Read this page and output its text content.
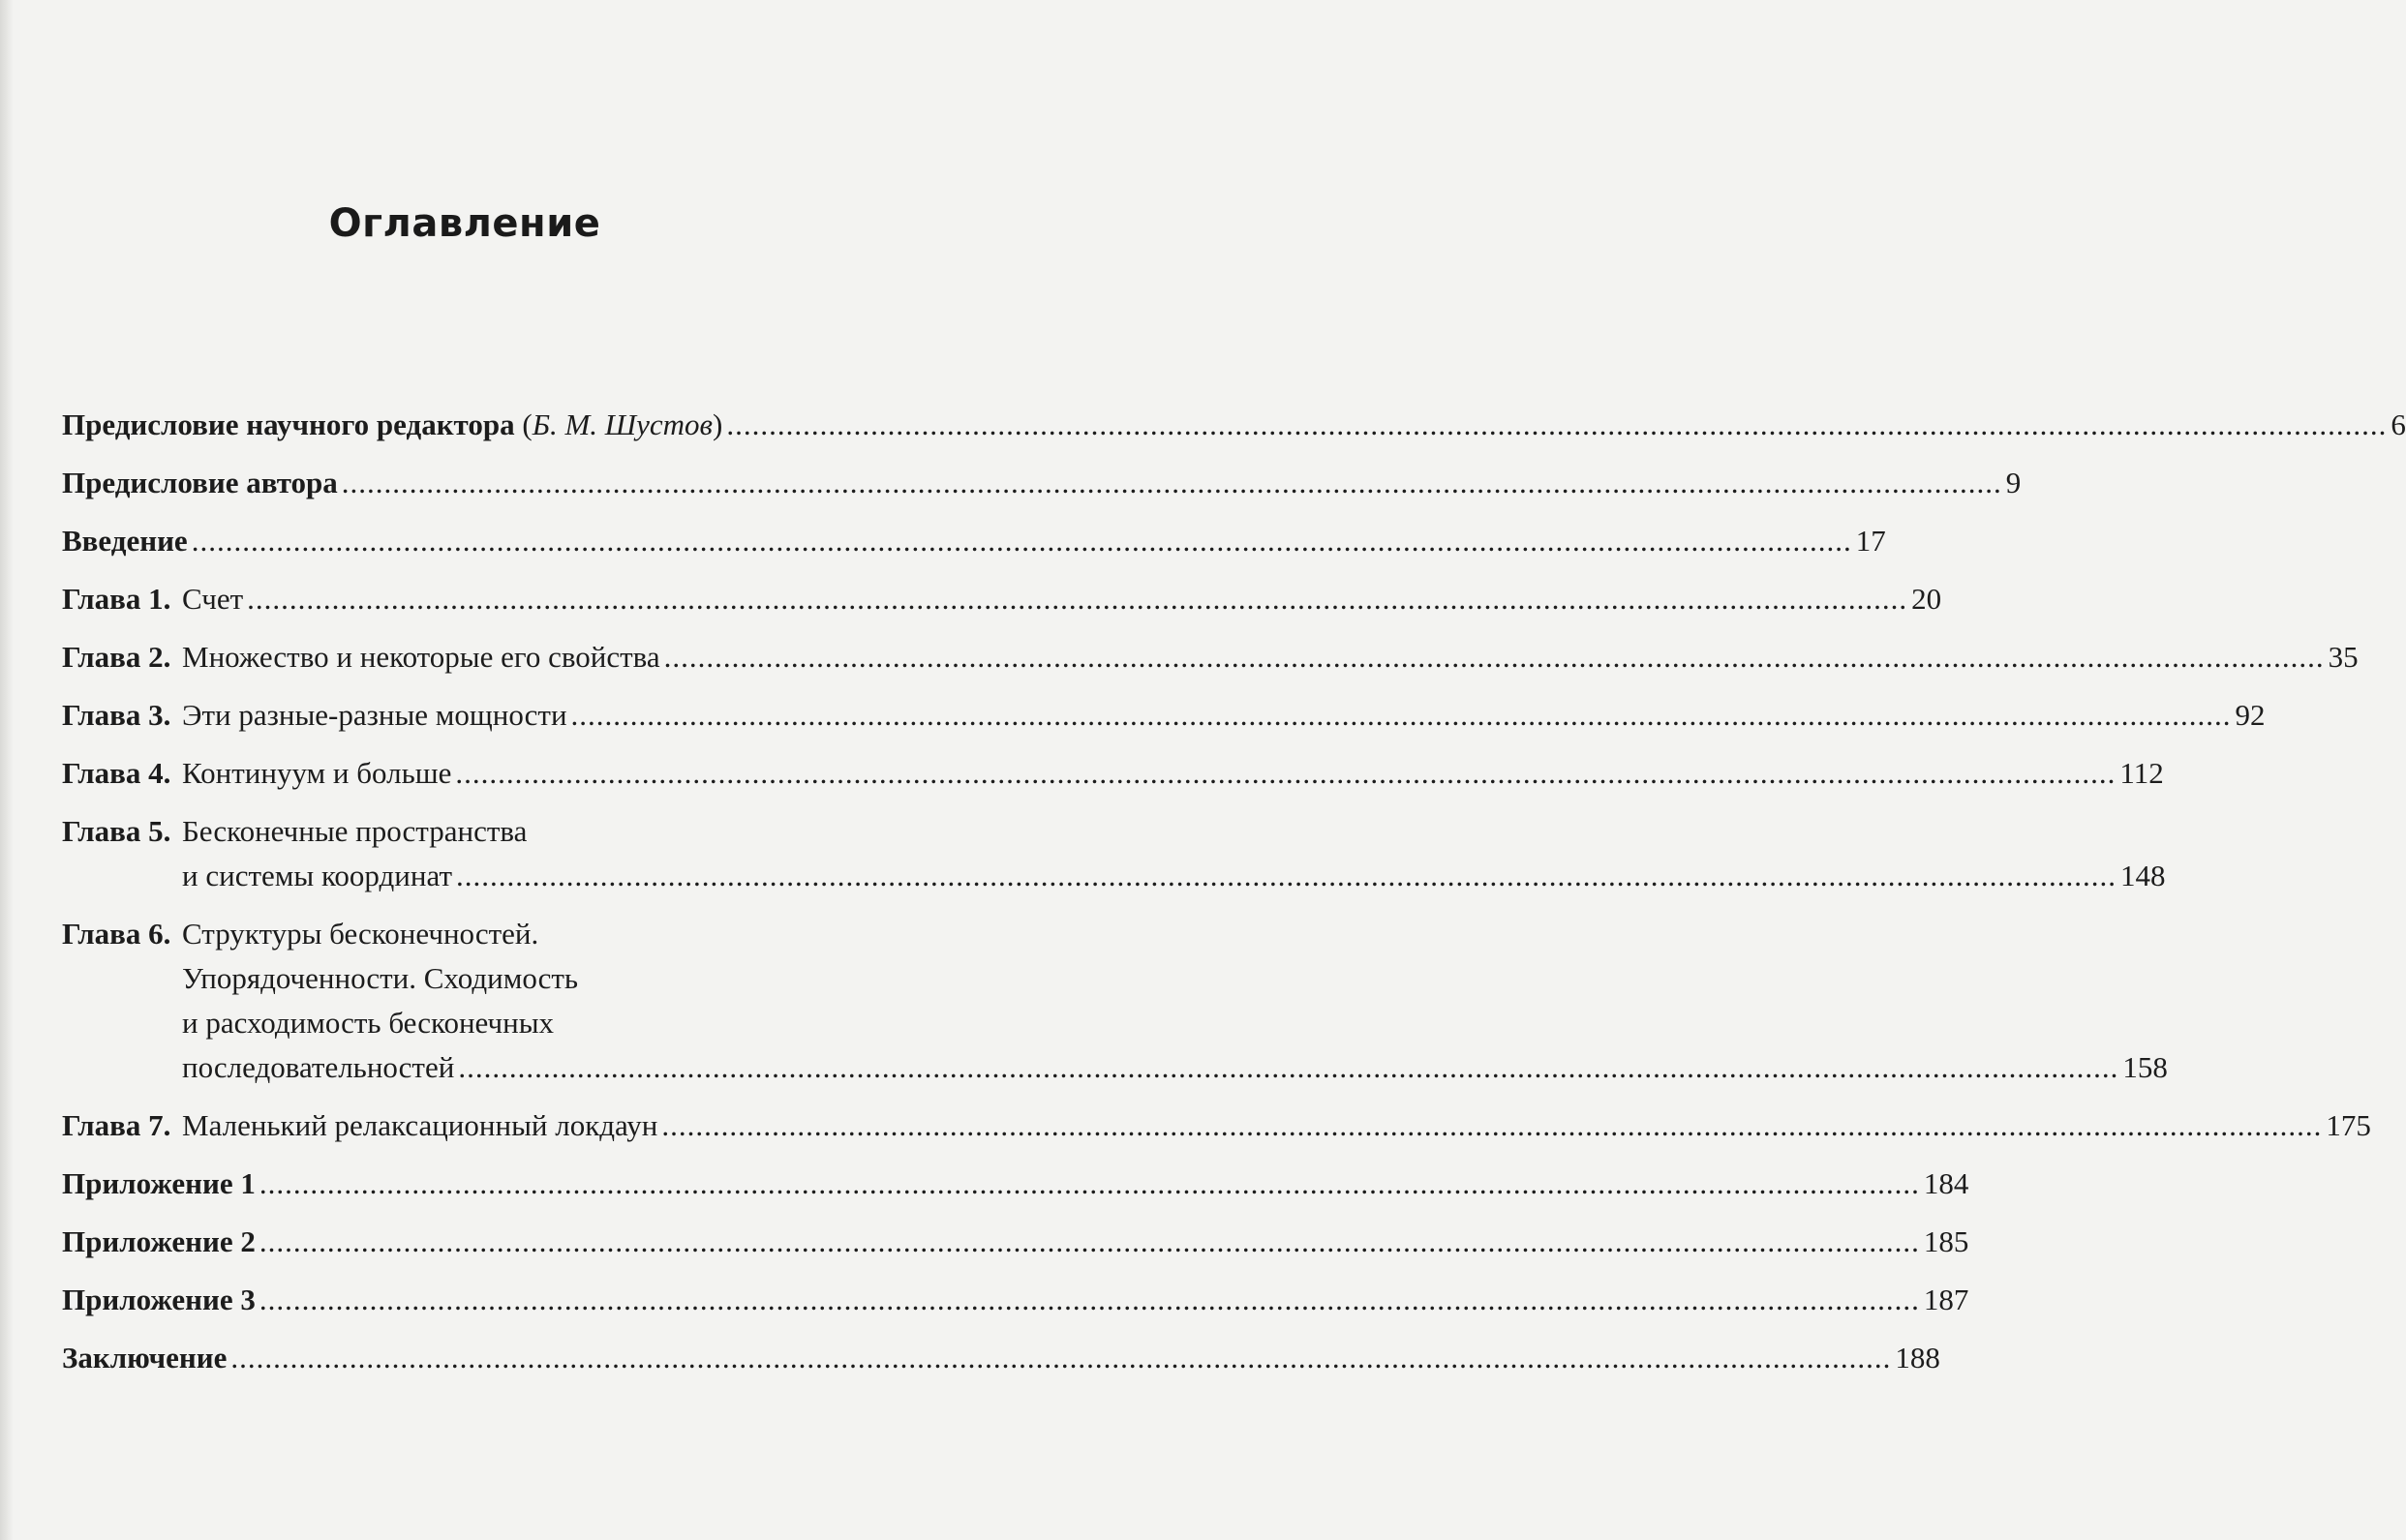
Оглавление
Предисловие научного редактора (Б. М. Шустов) .....	6
Предисловие автора .....	9
Введение .....	17
Глава 1. Счет .....	20
Глава 2. Множество и некоторые его свойства .....	35
Глава 3. Эти разные-разные мощности .....	92
Глава 4. Континуум и больше .....	112
Глава 5. Бесконечные пространства
и системы координат .....	148
Глава 6. Структуры бесконечностей.
Упорядоченности. Сходимость
и расходимость бесконечных
последовательностей .....	158
Глава 7. Маленький релаксационный локдаун .....	175
Приложение 1 .....	184
Приложение 2 .....	185
Приложение 3 .....	187
Заключение .....	188
